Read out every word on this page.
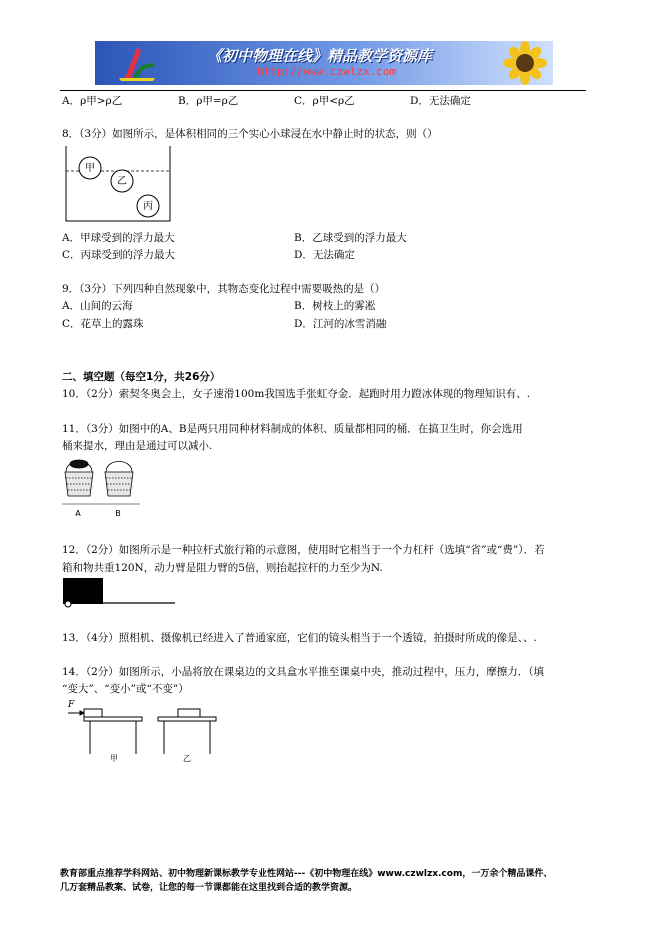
《初中物理在线》精品教学资源库
http://www.czwlzx.com
A．ρ甲>ρ乙	B．ρ甲=ρ乙	C．ρ甲<ρ乙	D．无法确定
8．（3分）如图所示，是体积相同的三个实心小球浸在水中静止时的状态，则（）
甲
乙
丙
A．甲球受到的浮力最大	B．乙球受到的浮力最大
C．丙球受到的浮力最大	D．无法确定
9．（3分）下列四种自然现象中，其物态变化过程中需要吸热的是（）
A．山间的云海	B．树枝上的雾凇
C．花草上的露珠	D．江河的冰雪消融
二、填空题（每空1分，共26分）
10．（2分）索契冬奥会上，女子速滑100m我国选手张虹夺金．起跑时用力蹬冰体现的物理知识有、.
11．（3分）如图中的A、B是两只用同种材料制成的体积、质量都相同的桶．在搞卫生时，你会选用
桶来提水，理由是通过可以减小.
A	B
12．（2分）如图所示是一种拉杆式旅行箱的示意图，使用时它相当于一个力杠杆（选填“省”或“费”）．若
箱和物共重120N，动力臂是阻力臂的5倍，则抬起拉杆的力至少为N.
13．（4分）照相机、摄像机已经进入了普通家庭，它们的镜头相当于一个透镜，拍摄时所成的像是、、.
14．（2分）如图所示，小晶将放在课桌边的文具盒水平推至课桌中央，推动过程中，压力，摩擦力．（填
“变大”、“变小”或“不变”）
F
甲	乙
教育部重点推荐学科网站、初中物理新课标教学专业性网站---《初中物理在线》www.czwlzx.com，一万余个精品课件、
几万套精品教案、试卷，让您的每一节课都能在这里找到合适的教学资源。
